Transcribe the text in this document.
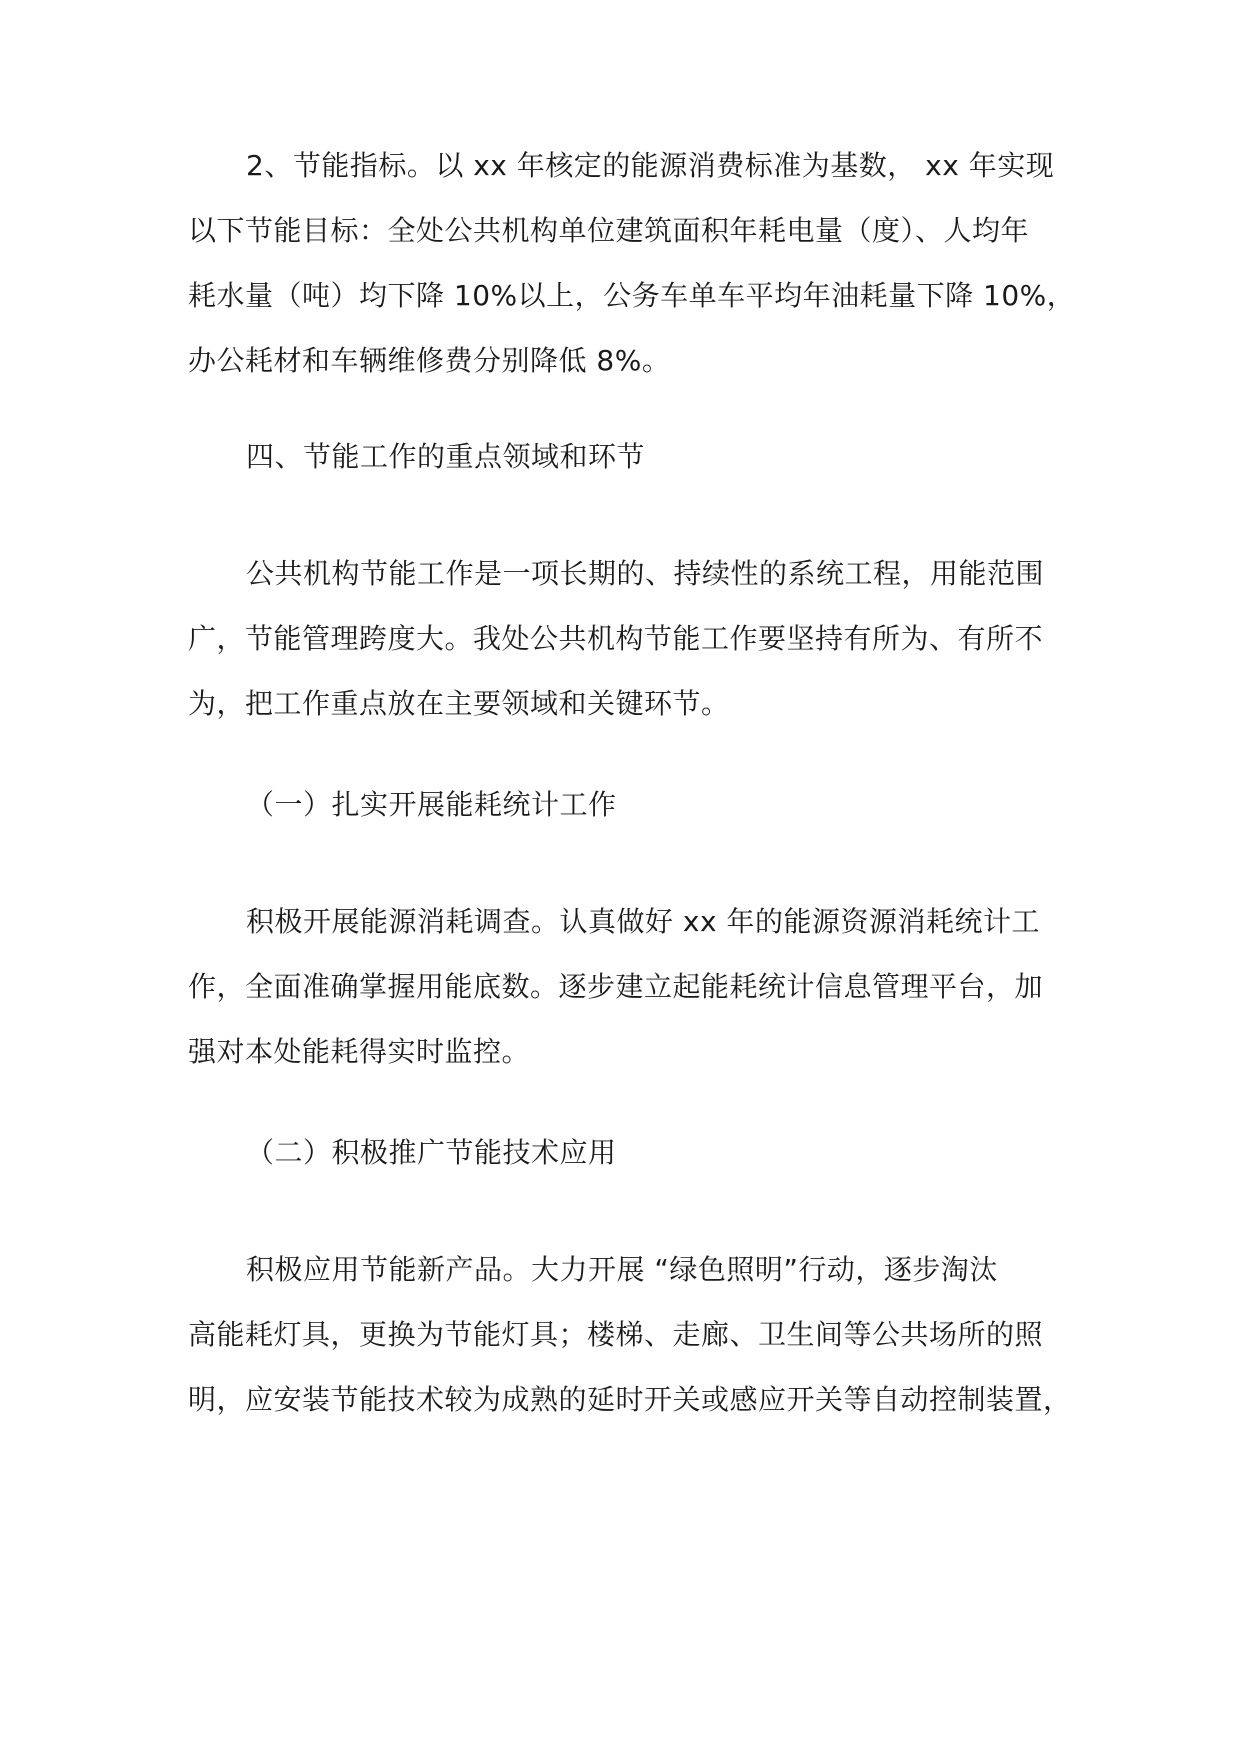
2、节能指标。以 xx 年核定的能源消费标准为基数， xx 年实现
以下节能目标：全处公共机构单位建筑面积年耗电量（度）、人均年
耗水量（吨）均下降 10%以上，公务车单车平均年油耗量下降 10%，
办公耗材和车辆维修费分别降低 8%。
四、节能工作的重点领域和环节
公共机构节能工作是一项长期的、持续性的系统工程，用能范围
广，节能管理跨度大。我处公共机构节能工作要坚持有所为、有所不
为，把工作重点放在主要领域和关键环节。
（一）扎实开展能耗统计工作
积极开展能源消耗调查。认真做好 xx 年的能源资源消耗统计工
作，全面准确掌握用能底数。逐步建立起能耗统计信息管理平台，加
强对本处能耗得实时监控。
（二）积极推广节能技术应用
积极应用节能新产品。大力开展 “绿色照明”行动，逐步淘汰
高能耗灯具，更换为节能灯具；楼梯、走廊、卫生间等公共场所的照
明，应安装节能技术较为成熟的延时开关或感应开关等自动控制装置，
